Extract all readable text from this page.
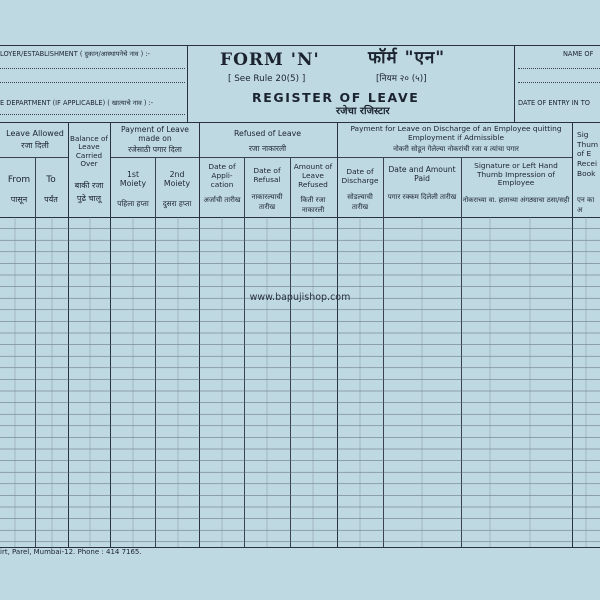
LOYER/ESTABLISHMENT ( दुकान/आस्थापनेचे नाव ) :-
E DEPARTMENT (IF APPLICABLE) ( खात्याचे नाव ) :-
FORM 'N'	फॉर्म "एन"
[ See Rule 20(5) ]	[नियम २० (५)]
REGISTER OF LEAVE
रजेचा रजिस्टार
NAME OF
DATE OF ENTRY IN TO
Leave Allowed
रजा दिली
From
पासून
To
पर्यंत
Balance of Leave Carried Over
बाकी रजा पुढे चालू
Payment of Leave made on
रजेसाठी पगार दिला
1st Moiety
पहिला हप्ता
2nd Moiety
दुसरा हप्ता
Refused of Leave
रजा नाकारली
Date of Appli- cation
अर्जाची तारीख
Date of Refusal
नाकारल्याची तारीख
Amount of Leave Refused
किती रजा नाकारली
Payment for Leave on Discharge of an Employee quitting Employment if Admissible
नोकरी सोडून गेलेल्या नोकरांची रजा व त्यांचा पगार
Date of Discharge
सोडल्याची तारीख
Date and Amount Paid
पगार रक्कम दिलेली तारीख
Signature or Left Hand Thumb Impression of Employee
नोकराच्या वा. हाताच्या अंगठ्याचा ठसा/सही
Sig Thum of E Recei Book
एन का अ
www.bapujishop.com
irt, Parel, Mumbai-12. Phone : 414 7165.
